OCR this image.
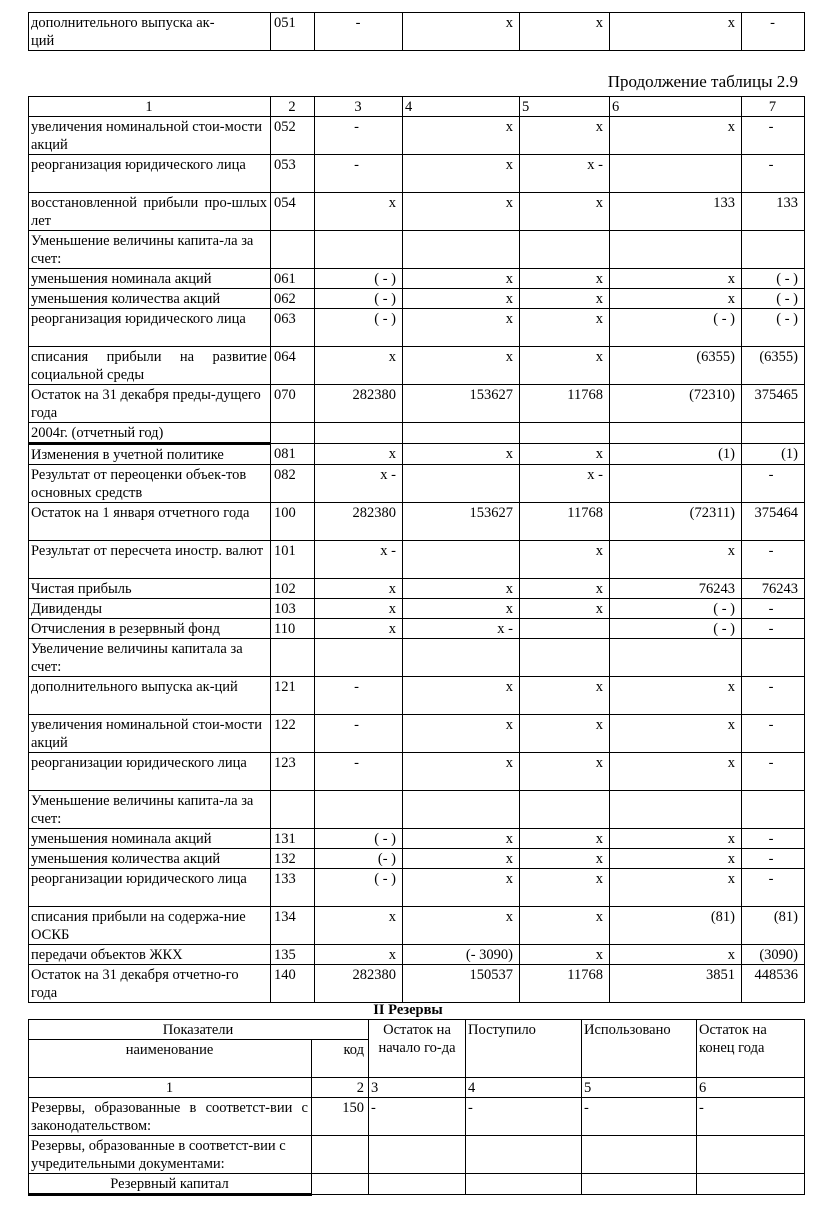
дополнительного выпуска ак-
ций	051	-	х	х	х	-
Продолжение таблицы 2.9
1	2	3	4	5	6	7
увеличения номинальной стои-мости акций	052	-	х	х	х	-
реорганизация юридического лица	053	-	х	х -		-
восстановленной прибыли про-шлых лет	054	х	х	х	133	133
Уменьшение величины капита-ла за счет:						
уменьшения номинала акций	061	( - )	х	х	х	( - )
уменьшения количества акций	062	( - )	х	х	х	( - )
реорганизация юридического лица	063	( - )	х	х	( - )	( - )
списания прибыли на развитие социальной среды	064	х	х	х	(6355)	(6355)
Остаток на 31 декабря преды-дущего года	070	282380	153627	11768	(72310)	375465
2004г. (отчетный год)						
Изменения в учетной политике	081	х	х	х	(1)	(1)
Результат от переоценки объек-тов основных средств	082	х -		х -		-
Остаток на 1 января отчетного года	100	282380	153627	11768	(72311)	375464
Результат от пересчета иностр. валют	101	х -		х	х	-
Чистая прибыль	102	х	х	х	76243	76243
Дивиденды	103	х	х	х	( - )	-
Отчисления в резервный фонд	110	х	х -		( - )	-
Увеличение величины капитала за счет:						
дополнительного выпуска ак-ций	121	-	х	х	х	-
увеличения номинальной стои-мости акций	122	-	х	х	х	-
реорганизации юридического лица	123	-	х	х	х	-
Уменьшение величины капита-ла за счет:						
уменьшения номинала акций	131	( - )	х	х	х	-
уменьшения количества акций	132	(- )	х	х	х	-
реорганизации юридического лица	133	( - )	х	х	х	-
списания прибыли на содержа-ние ОСКБ	134	х	х	х	(81)	(81)
передачи объектов ЖКХ	135	х	(- 3090)	х	х	(3090)
Остаток на 31 декабря отчетно-го года	140	282380	150537	11768	3851	448536
II Резервы
Показатели		Остаток на начало го-да	Поступило	Использовано	Остаток на конец года
наименование	код				
1	2	3	4	5	6
Резервы, образованные в соответст-вии с законодательством:	150	-	-	-	-
Резервы, образованные в соответст-вии с учредительными документами:					
Резервный капитал					
